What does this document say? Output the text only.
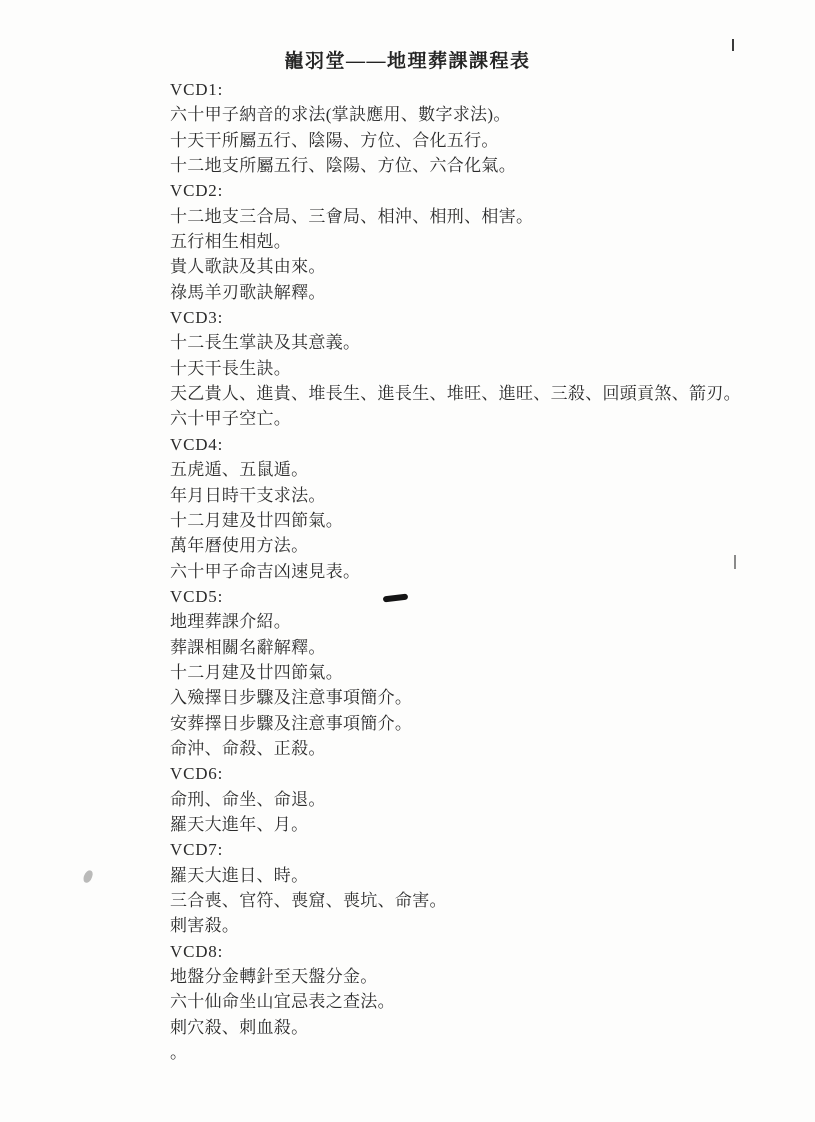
巃羽堂——地理葬課課程表
VCD1:
六十甲子納音的求法(掌訣應用、數字求法)。
十天干所屬五行、陰陽、方位、合化五行。
十二地支所屬五行、陰陽、方位、六合化氣。
VCD2:
十二地支三合局、三會局、相沖、相刑、相害。
五行相生相剋。
貴人歌訣及其由來。
祿馬羊刃歌訣解釋。
VCD3:
十二長生掌訣及其意義。
十天干長生訣。
天乙貴人、進貴、堆長生、進長生、堆旺、進旺、三殺、回頭貢煞、箭刃。
六十甲子空亡。
VCD4:
五虎遁、五鼠遁。
年月日時干支求法。
十二月建及廿四節氣。
萬年曆使用方法。
六十甲子命吉凶速見表。
VCD5:
地理葬課介紹。
葬課相關名辭解釋。
十二月建及廿四節氣。
入殮擇日步驟及注意事項簡介。
安葬擇日步驟及注意事項簡介。
命沖、命殺、正殺。
VCD6:
命刑、命坐、命退。
羅天大進年、月。
VCD7:
羅天大進日、時。
三合喪、官符、喪窟、喪坑、命害。
刺害殺。
VCD8:
地盤分金轉針至天盤分金。
六十仙命坐山宜忌表之查法。
刺穴殺、刺血殺。
。
